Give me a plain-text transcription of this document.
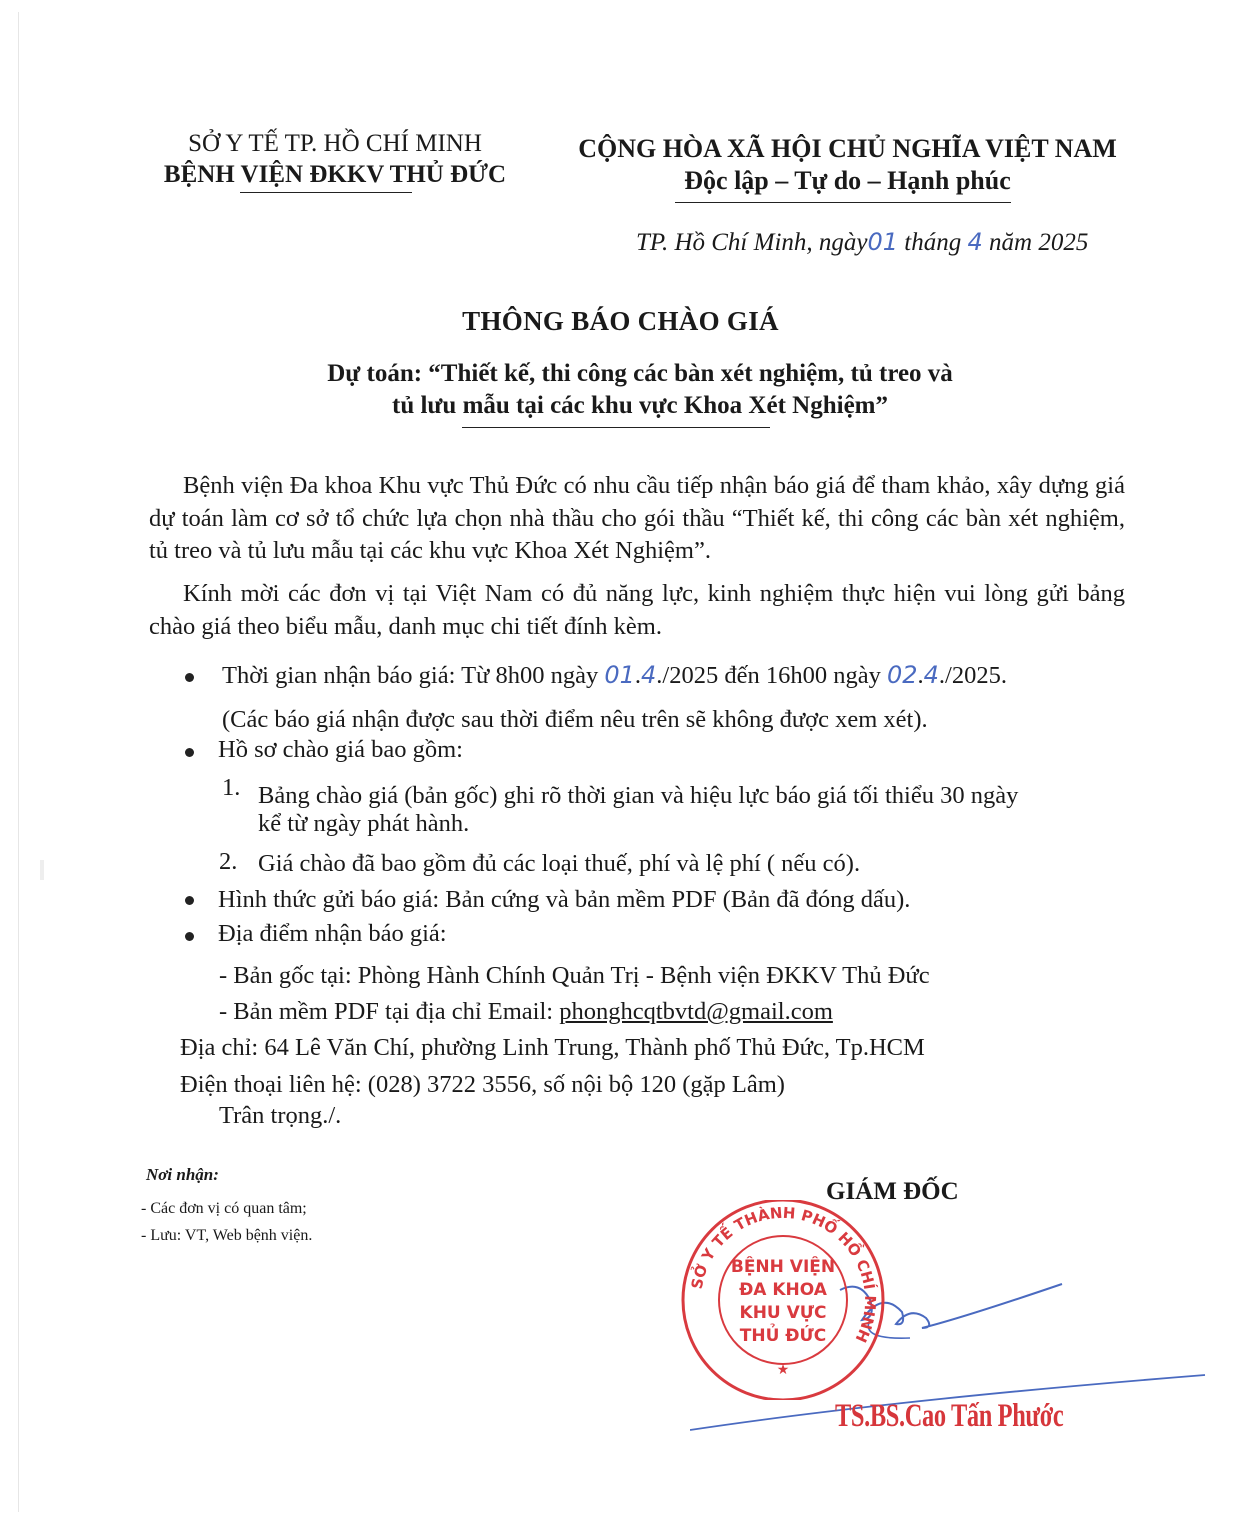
SỞ Y TẾ TP. HỒ CHÍ MINH
BỆNH VIỆN ĐKKV THỦ ĐỨC
CỘNG HÒA XÃ HỘI CHỦ NGHĨA VIỆT NAM
Độc lập – Tự do – Hạnh phúc
TP. Hồ Chí Minh, ngày01 tháng 4 năm 2025
THÔNG BÁO CHÀO GIÁ
Dự toán: “Thiết kế, thi công các bàn xét nghiệm, tủ treo và
tủ lưu mẫu tại các khu vực Khoa Xét Nghiệm”
Bệnh viện Đa khoa Khu vực Thủ Đức có nhu cầu tiếp nhận báo giá để tham khảo, xây dựng giá dự toán làm cơ sở tổ chức lựa chọn nhà thầu cho gói thầu “Thiết kế, thi công các bàn xét nghiệm, tủ treo và tủ lưu mẫu tại các khu vực Khoa Xét Nghiệm”.
Kính mời các đơn vị tại Việt Nam có đủ năng lực, kinh nghiệm thực hiện vui lòng gửi bảng chào giá theo biểu mẫu, danh mục chi tiết đính kèm.
Thời gian nhận báo giá: Từ 8h00 ngày 01.4./2025 đến 16h00 ngày 02.4./2025.
(Các báo giá nhận được sau thời điểm nêu trên sẽ không được xem xét).
Hồ sơ chào giá bao gồm:
1. Bảng chào giá (bản gốc) ghi rõ thời gian và hiệu lực báo giá tối thiểu 30 ngày
kể từ ngày phát hành.
2. Giá chào đã bao gồm đủ các loại thuế, phí và lệ phí ( nếu có).
Hình thức gửi báo giá: Bản cứng và bản mềm PDF (Bản đã đóng dấu).
Địa điểm nhận báo giá:
- Bản gốc tại: Phòng Hành Chính Quản Trị - Bệnh viện ĐKKV Thủ Đức
- Bản mềm PDF tại địa chỉ Email: phonghcqtbvtd@gmail.com
Địa chỉ: 64 Lê Văn Chí, phường Linh Trung, Thành phố Thủ Đức, Tp.HCM
Điện thoại liên hệ: (028) 3722 3556, số nội bộ 120 (gặp Lâm)
Trân trọng./.
Nơi nhận:
- Các đơn vị có quan tâm;
- Lưu: VT, Web bệnh viện.
GIÁM ĐỐC
SỞ Y TẾ THÀNH PHỐ HỒ CHÍ MINH
BỆNH VIỆN
ĐA KHOA
KHU VỰC
THỦ ĐỨC
★
TS.BS.Cao Tấn Phước
